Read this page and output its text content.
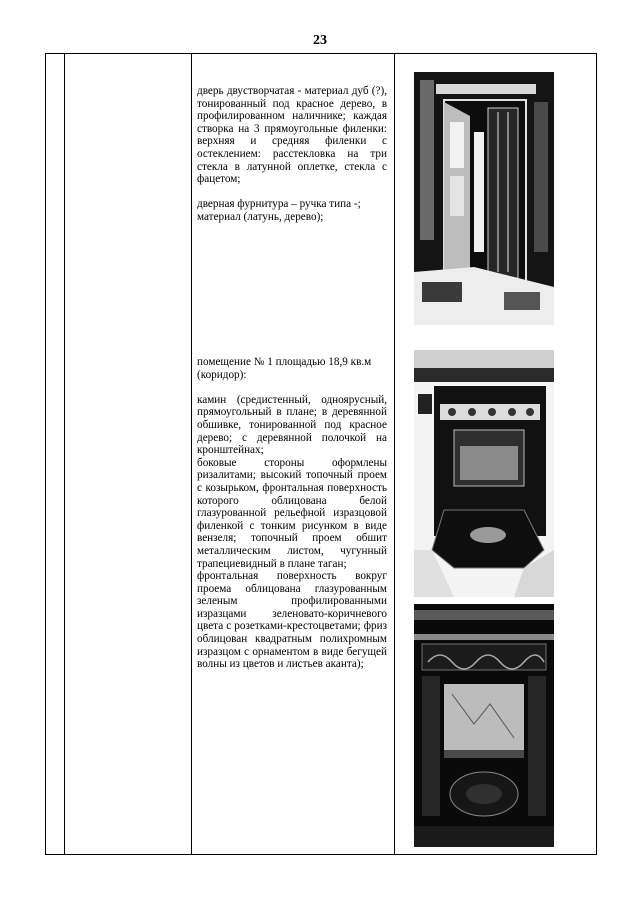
23

дверь двустворчатая - материал дуб (?), тонированный под красное дерево, в профилированном наличнике; каждая створка на 3 прямоугольные филенки: верхняя и средняя филенки с остеклением: расстекловка на три стекла в латунной оплетке, стекла с фацетом;

дверная фурнитура – ручка типа -; материал (латунь, дерево);

помещение № 1 площадью 18,9 кв.м

(коридор):

камин (средистенный, одноярусный, прямоугольный в плане; в деревянной обшивке, тонированной под красное дерево; с деревянной полочкой на кронштейнах;

боковые стороны оформлены ризалитами; высокий топочный проем с козырьком, фронтальная поверхность которого облицована белой глазурованной рельефной изразцовой филенкой с тонким рисунком в виде вензеля; топочный проем обшит металлическим листом, чугунный трапециевидный в плане таган;

фронтальная поверхность вокруг проема облицована глазурованным зеленым профилированными изразцами зеленовато-коричневого цвета с розетками-крестоцветами; фриз облицован квадратным полихромным изразцом с орнаментом в виде бегущей волны из цветов и листьев аканта);
